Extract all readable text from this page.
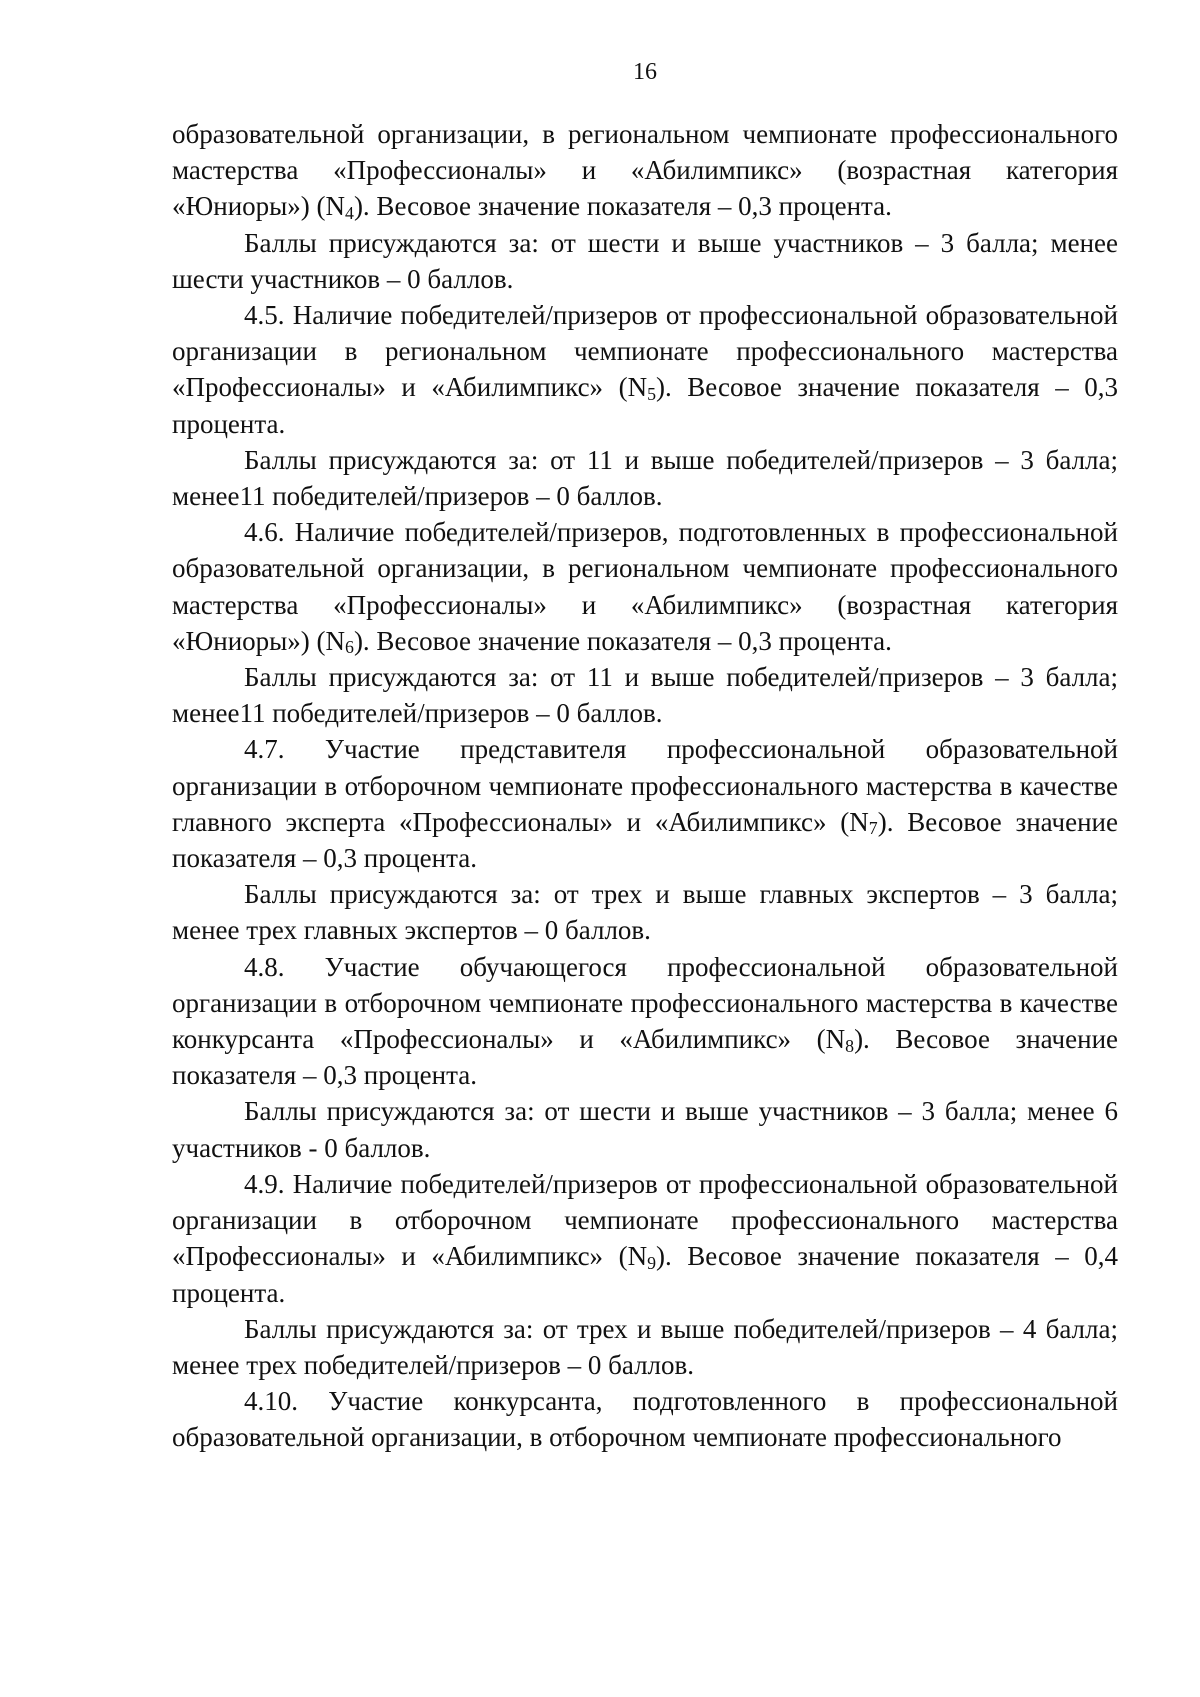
16

образовательной организации, в региональном чемпионате профессионального мастерства «Профессионалы» и «Абилимпикс» (возрастная категория «Юниоры») $(N_4)$. Весовое значение показателя – 0,3 процента.

Баллы присуждаются за: от шести и выше участников – 3 балла; менее шести участников – 0 баллов.

4.5. Наличие победителей/призеров от профессиональной образовательной организации в региональном чемпионате профессионального мастерства «Профессионалы» и «Абилимпикс» $(N_5)$. Весовое значение показателя – 0,3 процента.

Баллы присуждаются за: от 11 и выше победителей/призеров – 3 балла; менее11 победителей/призеров – 0 баллов.

4.6. Наличие победителей/призеров, подготовленных в профессиональной образовательной организации, в региональном чемпионате профессионального мастерства «Профессионалы» и «Абилимпикс» (возрастная категория «Юниоры») $(N_6)$. Весовое значение показателя – 0,3 процента.

Баллы присуждаются за: от 11 и выше победителей/призеров – 3 балла; менее11 победителей/призеров – 0 баллов.

4.7. Участие представителя профессиональной образовательной организации в отборочном чемпионате профессионального мастерства в качестве главного эксперта «Профессионалы» и «Абилимпикс» $(N_7)$. Весовое значение показателя – 0,3 процента.

Баллы присуждаются за: от трех и выше главных экспертов – 3 балла; менее трех главных экспертов – 0 баллов.

4.8. Участие обучающегося профессиональной образовательной организации в отборочном чемпионате профессионального мастерства в качестве конкурсанта «Профессионалы» и «Абилимпикс» $(N_8)$. Весовое значение показателя – 0,3 процента.

Баллы присуждаются за: от шести и выше участников – 3 балла; менее 6 участников - 0 баллов.

4.9. Наличие победителей/призеров от профессиональной образовательной организации в отборочном чемпионате профессионального мастерства «Профессионалы» и «Абилимпикс» $(N_9)$. Весовое значение показателя – 0,4 процента.

Баллы присуждаются за: от трех и выше победителей/призеров – 4 балла; менее трех победителей/призеров – 0 баллов.

4.10. Участие конкурсанта, подготовленного в профессиональной образовательной организации, в отборочном чемпионате профессионального
